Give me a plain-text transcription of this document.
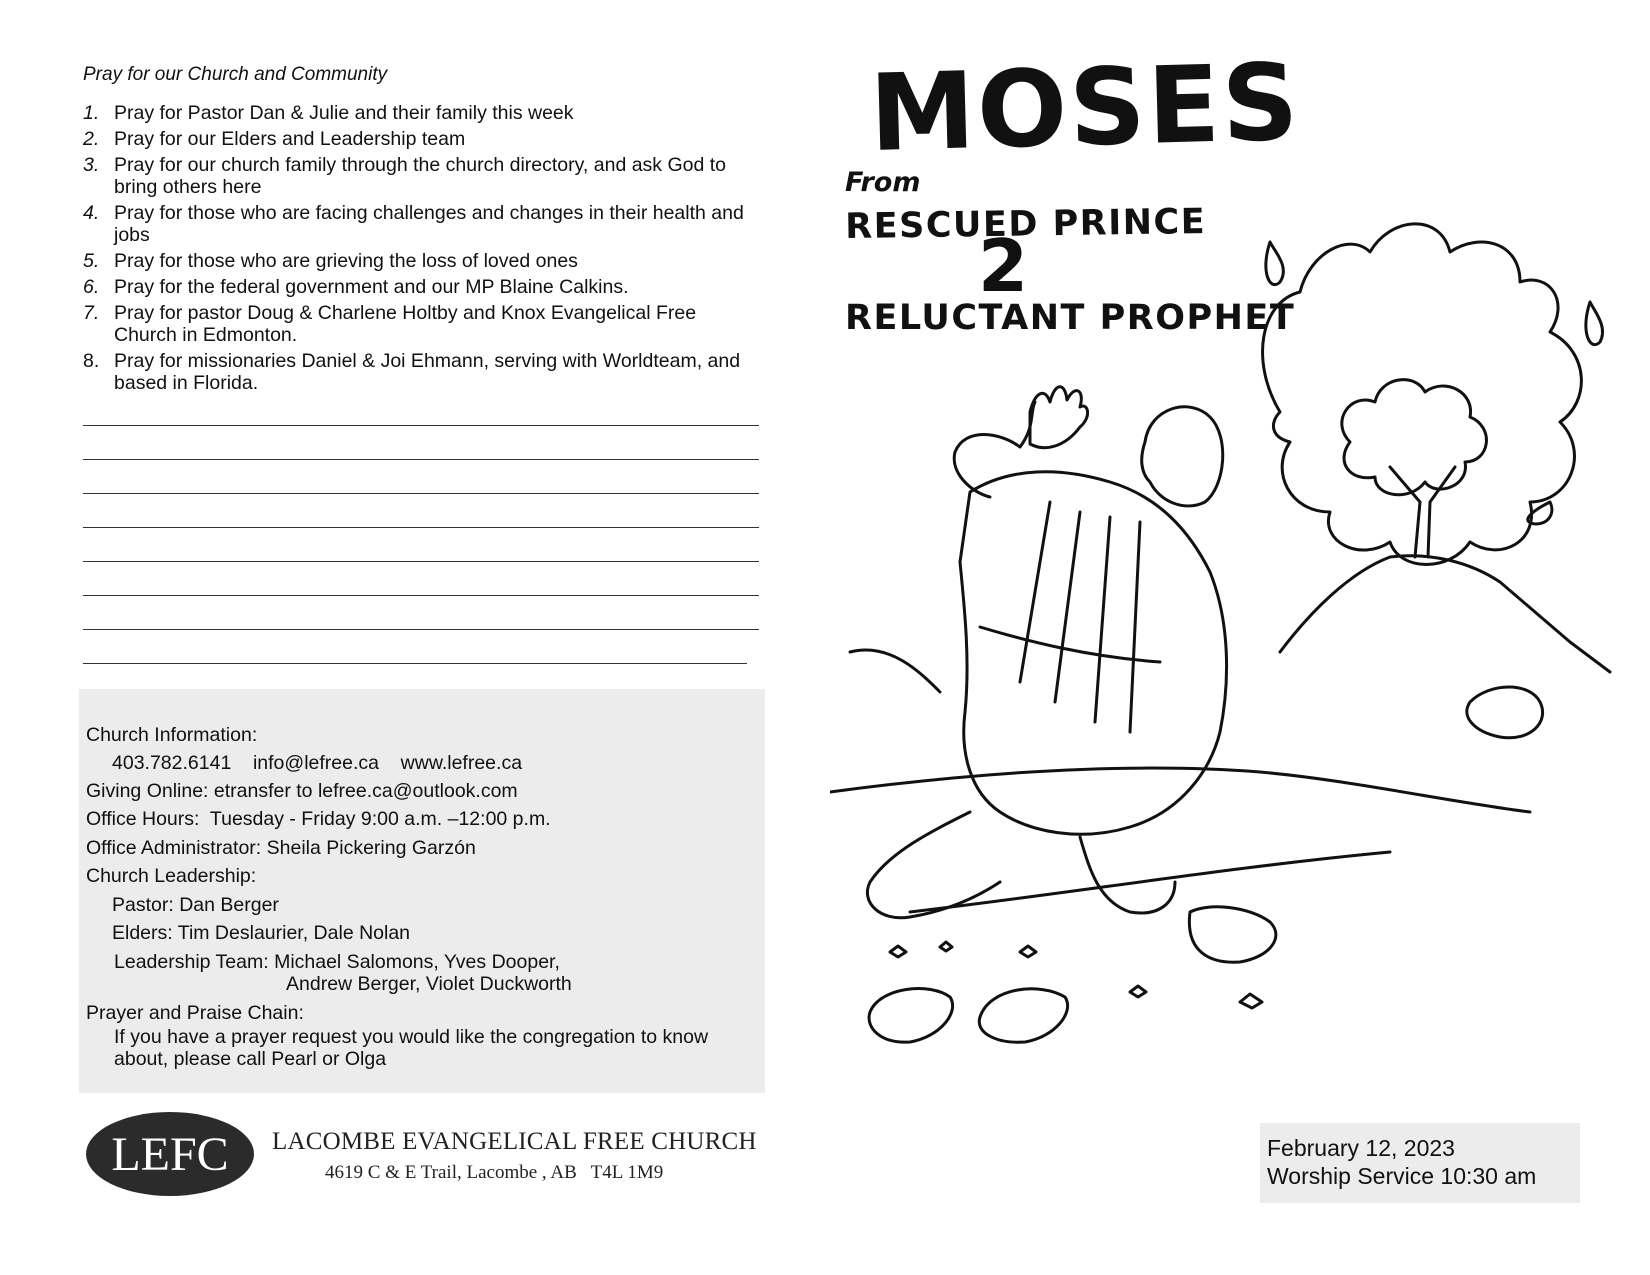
Pray for our Church and Community
1. Pray for Pastor Dan & Julie and their family this week
2. Pray for our Elders and Leadership team
3. Pray for our church family through the church directory, and ask God to bring others here
4. Pray for those who are facing challenges and changes in their health and jobs
5. Pray for those who are grieving the loss of loved ones
6. Pray for the federal government and our MP Blaine Calkins.
7. Pray for pastor Doug & Charlene Holtby and Knox Evangelical Free Church in Edmonton.
8. Pray for missionaries Daniel & Joi Ehmann, serving with Worldteam, and based in Florida.
Church Information:
403.782.6141    info@lefree.ca    www.lefree.ca
Giving Online: etransfer to lefree.ca@outlook.com
Office Hours:  Tuesday - Friday 9:00 a.m. –12:00 p.m.
Office Administrator: Sheila Pickering Garzón
Church Leadership:
Pastor: Dan Berger
Elders: Tim Deslaurier, Dale Nolan
Leadership Team: Michael Salomons, Yves Dooper,
Andrew Berger, Violet Duckworth
Prayer and Praise Chain:
If you have a prayer request you would like the congregation to know
about, please call Pearl or Olga
LEFC LACOMBE EVANGELICAL FREE CHURCH
4619 C & E Trail, Lacombe , AB   T4L 1M9
MOSES
From
RESCUED PRINCE
2
RELUCTANT PROPHET
February 12, 2023
Worship Service 10:30 am
